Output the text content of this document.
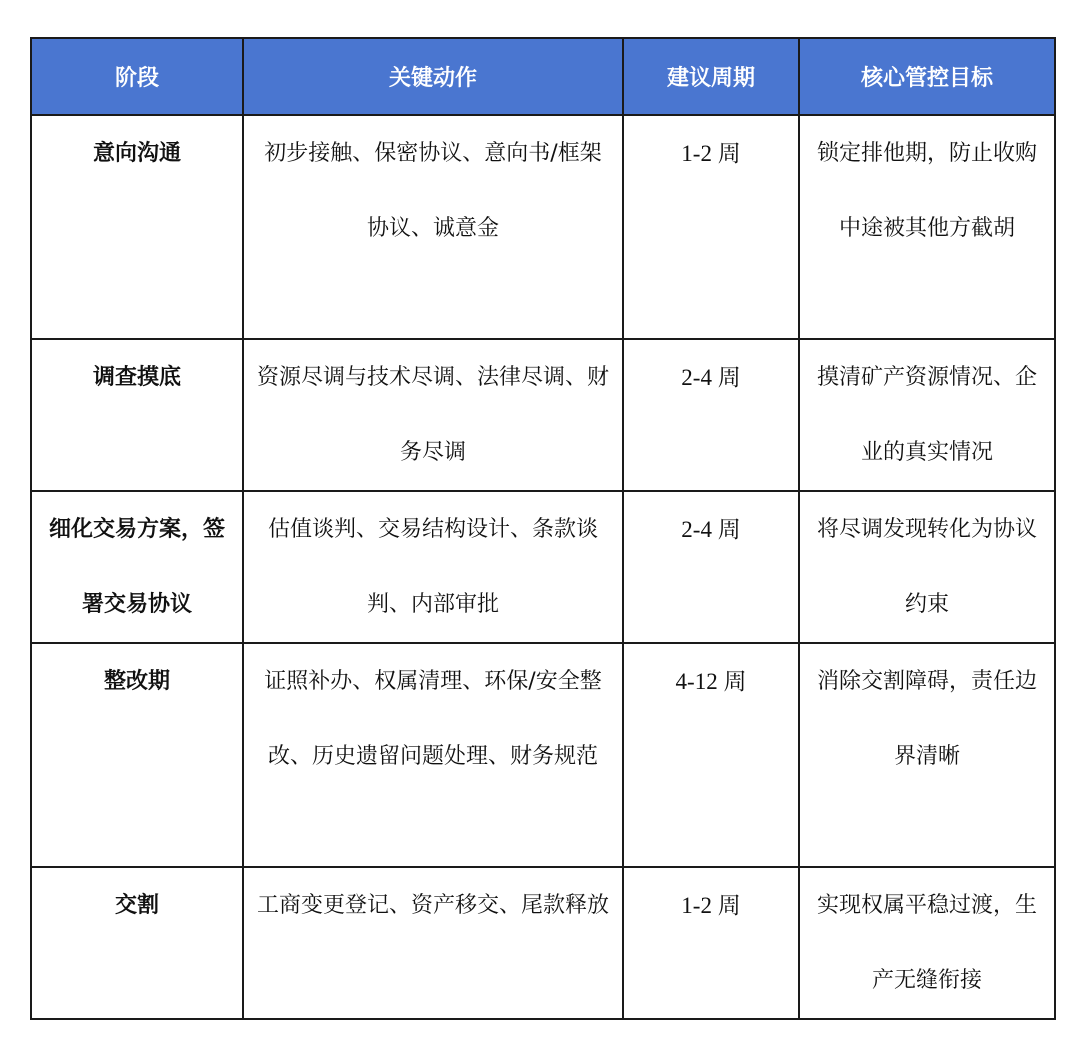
阶段	关键动作	建议周期	核心管控目标
意向沟通	初步接触、保密协议、意向书/框架协议、诚意金	1-2 周	锁定排他期，防止收购中途被其他方截胡
调查摸底	资源尽调与技术尽调、法律尽调、财务尽调	2-4 周	摸清矿产资源情况、企业的真实情况
细化交易方案，签署交易协议	估值谈判、交易结构设计、条款谈判、内部审批	2-4 周	将尽调发现转化为协议约束
整改期	证照补办、权属清理、环保/安全整改、历史遗留问题处理、财务规范	4-12 周	消除交割障碍，责任边界清晰
交割	工商变更登记、资产移交、尾款释放	1-2 周	实现权属平稳过渡，生产无缝衔接
